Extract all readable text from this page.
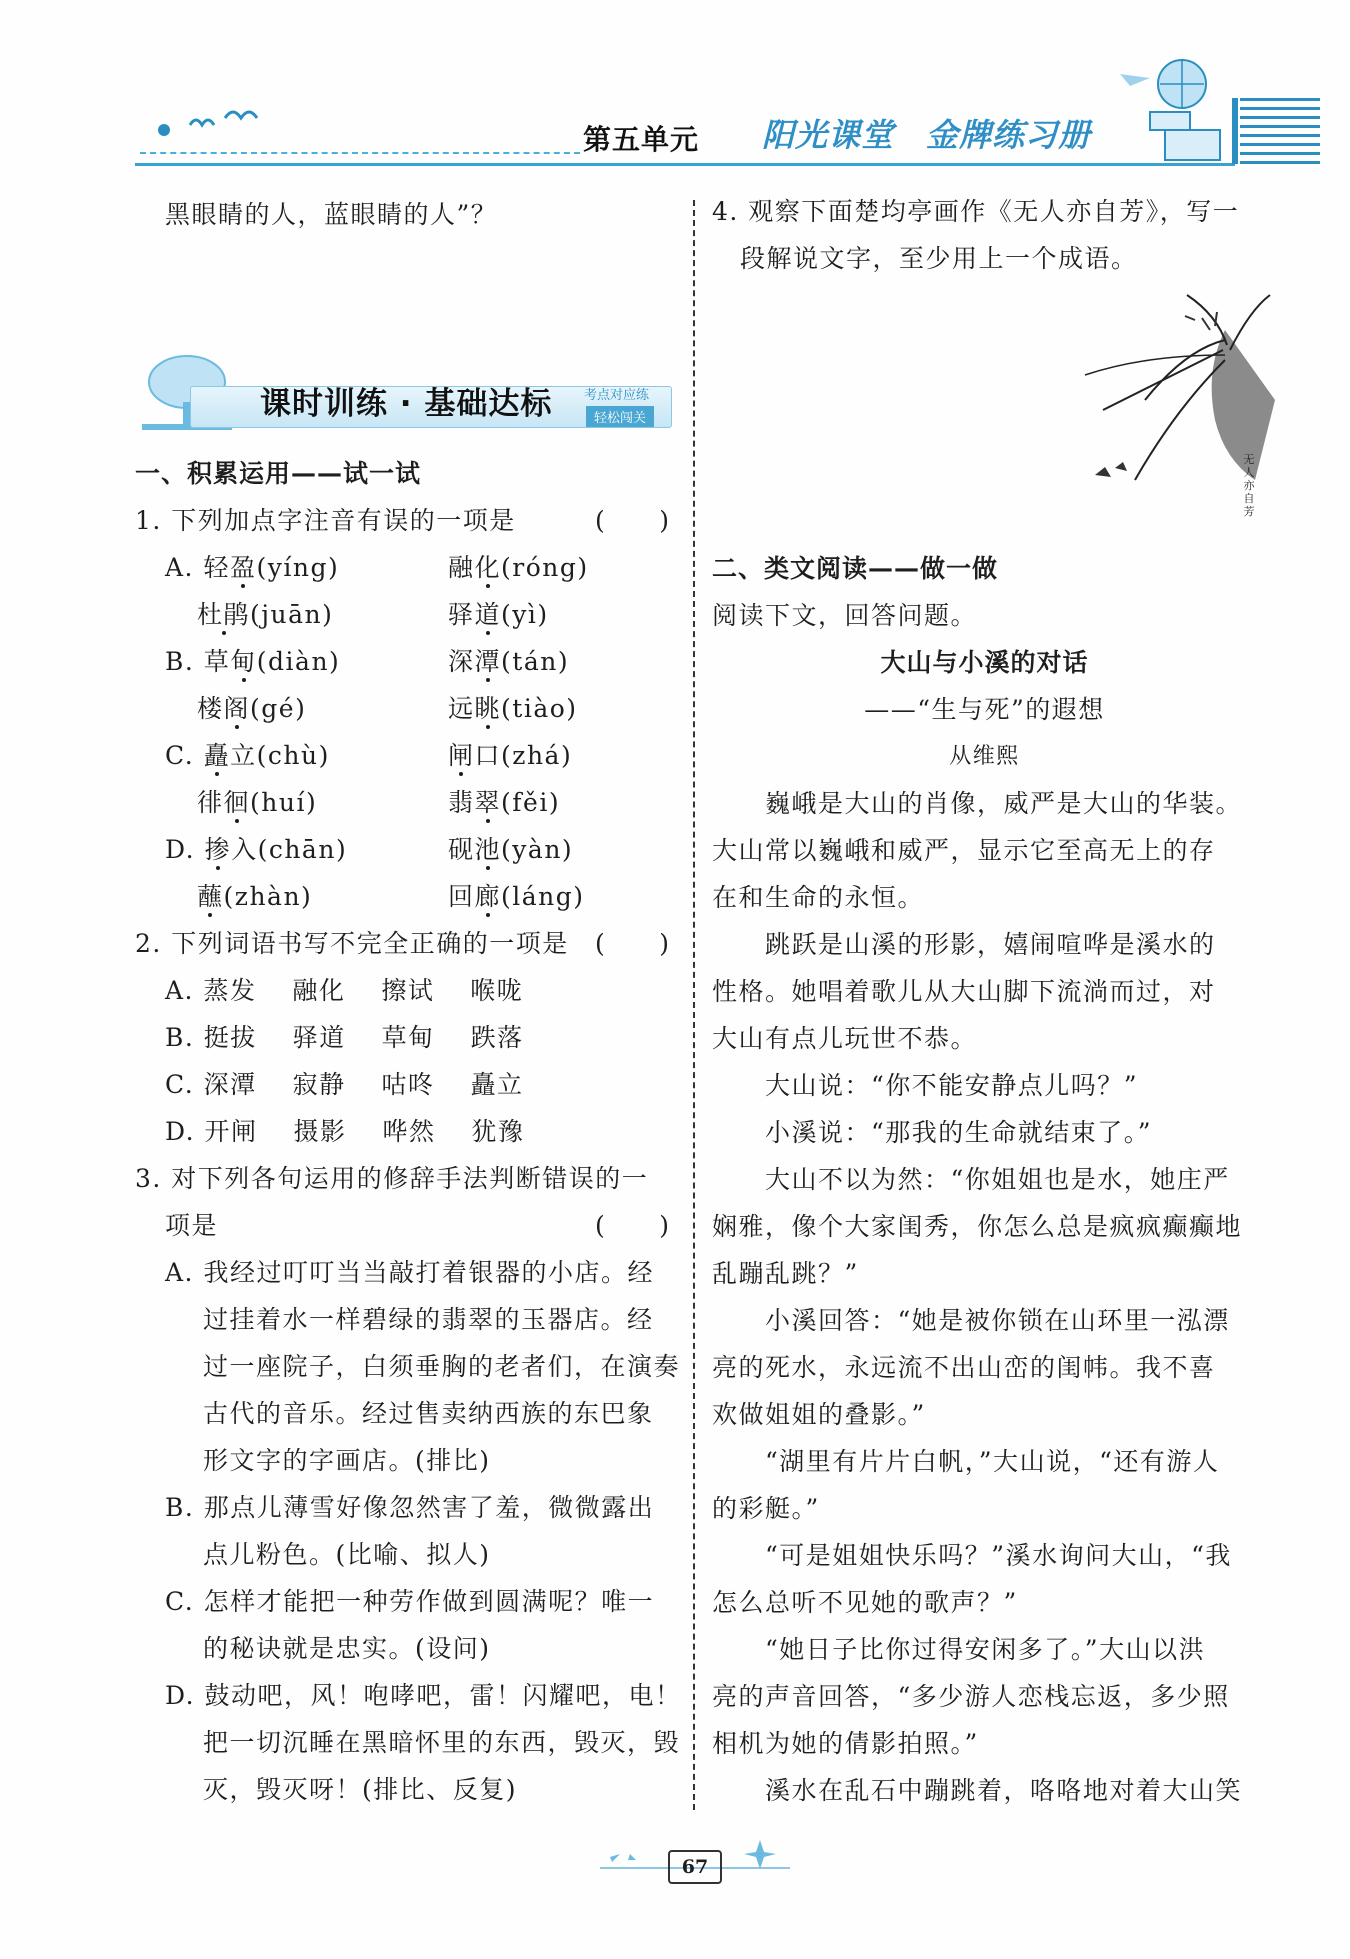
第五单元 阳光课堂 金牌练习册
黑眼睛的人，蓝眼睛的人”？
课时训练 · 基础达标 考点对应练
轻松闯关
一、积累运用——试一试
1. 下列加点字注音有误的一项是	(　　)
A. 轻盈(yíng)	融化(róng)
杜鹃(juān)	驿道(yì)
B. 草甸(diàn)	深潭(tán)
楼阁(gé)	远眺(tiào)
C. 矗立(chù)	闸口(zhá)
徘徊(huí)	翡翠(fěi)
D. 掺入(chān)	砚池(yàn)
蘸(zhàn)	回廊(láng)
2. 下列词语书写不完全正确的一项是 (　　)
A. 蒸发　 融化　 擦试　 喉咙
B. 挺拔　 驿道　 草甸　 跌落
C. 深潭　 寂静　 咕咚　 矗立
D. 开闸　 摄影　 哗然　 犹豫
3. 对下列各句运用的修辞手法判断错误的一
项是	(　　)
A. 我经过叮叮当当敲打着银器的小店。经
过挂着水一样碧绿的翡翠的玉器店。经
过一座院子，白须垂胸的老者们，在演奏
古代的音乐。经过售卖纳西族的东巴象
形文字的字画店。(排比)
B. 那点儿薄雪好像忽然害了羞，微微露出
点儿粉色。(比喻、拟人)
C. 怎样才能把一种劳作做到圆满呢？唯一
的秘诀就是忠实。(设问)
D. 鼓动吧，风！咆哮吧，雷！闪耀吧，电！
把一切沉睡在黑暗怀里的东西，毁灭，毁
灭，毁灭呀！(排比、反复)
4. 观察下面楚均亭画作《无人亦自芳》，写一
段解说文字，至少用上一个成语。
无人亦自芳
二、类文阅读——做一做
阅读下文，回答问题。
大山与小溪的对话
——“生与死”的遐想
从维熙
　　巍峨是大山的肖像，威严是大山的华装。
大山常以巍峨和威严，显示它至高无上的存
在和生命的永恒。
　　跳跃是山溪的形影，嬉闹喧哗是溪水的
性格。她唱着歌儿从大山脚下流淌而过，对
大山有点儿玩世不恭。
　　大山说：“你不能安静点儿吗？”
　　小溪说：“那我的生命就结束了。”
　　大山不以为然：“你姐姐也是水，她庄严
娴雅，像个大家闺秀，你怎么总是疯疯癫癫地
乱蹦乱跳？”
　　小溪回答：“她是被你锁在山环里一泓漂
亮的死水，永远流不出山峦的闺帏。我不喜
欢做姐姐的叠影。”
　　“湖里有片片白帆，”大山说，“还有游人
的彩艇。”
　　“可是姐姐快乐吗？”溪水询问大山，“我
怎么总听不见她的歌声？”
　　“她日子比你过得安闲多了。”大山以洪
亮的声音回答，“多少游人恋栈忘返，多少照
相机为她的倩影拍照。”
　　溪水在乱石中蹦跳着，咯咯地对着大山笑
67
